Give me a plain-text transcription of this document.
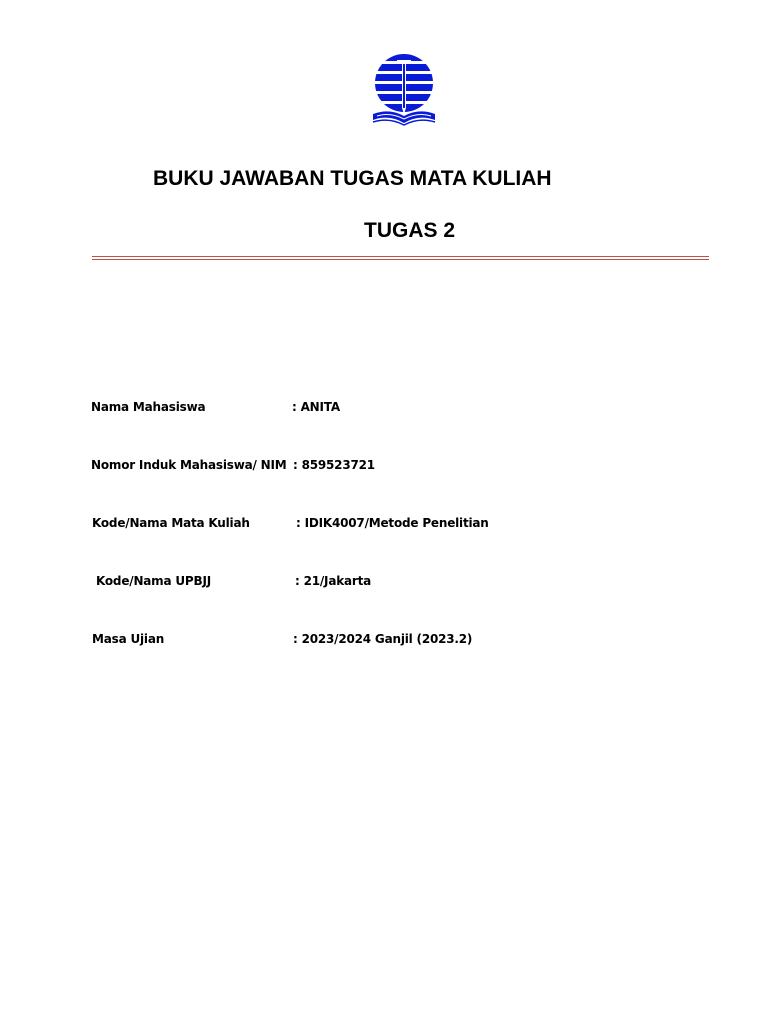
BUKU JAWABAN TUGAS MATA KULIAH
TUGAS 2
Nama Mahasiswa	: ANITA
Nomor Induk Mahasiswa/ NIM : 859523721
Kode/Nama Mata Kuliah	: IDIK4007/Metode Penelitian
Kode/Nama UPBJJ	: 21/Jakarta
Masa Ujian	: 2023/2024 Ganjil (2023.2)
